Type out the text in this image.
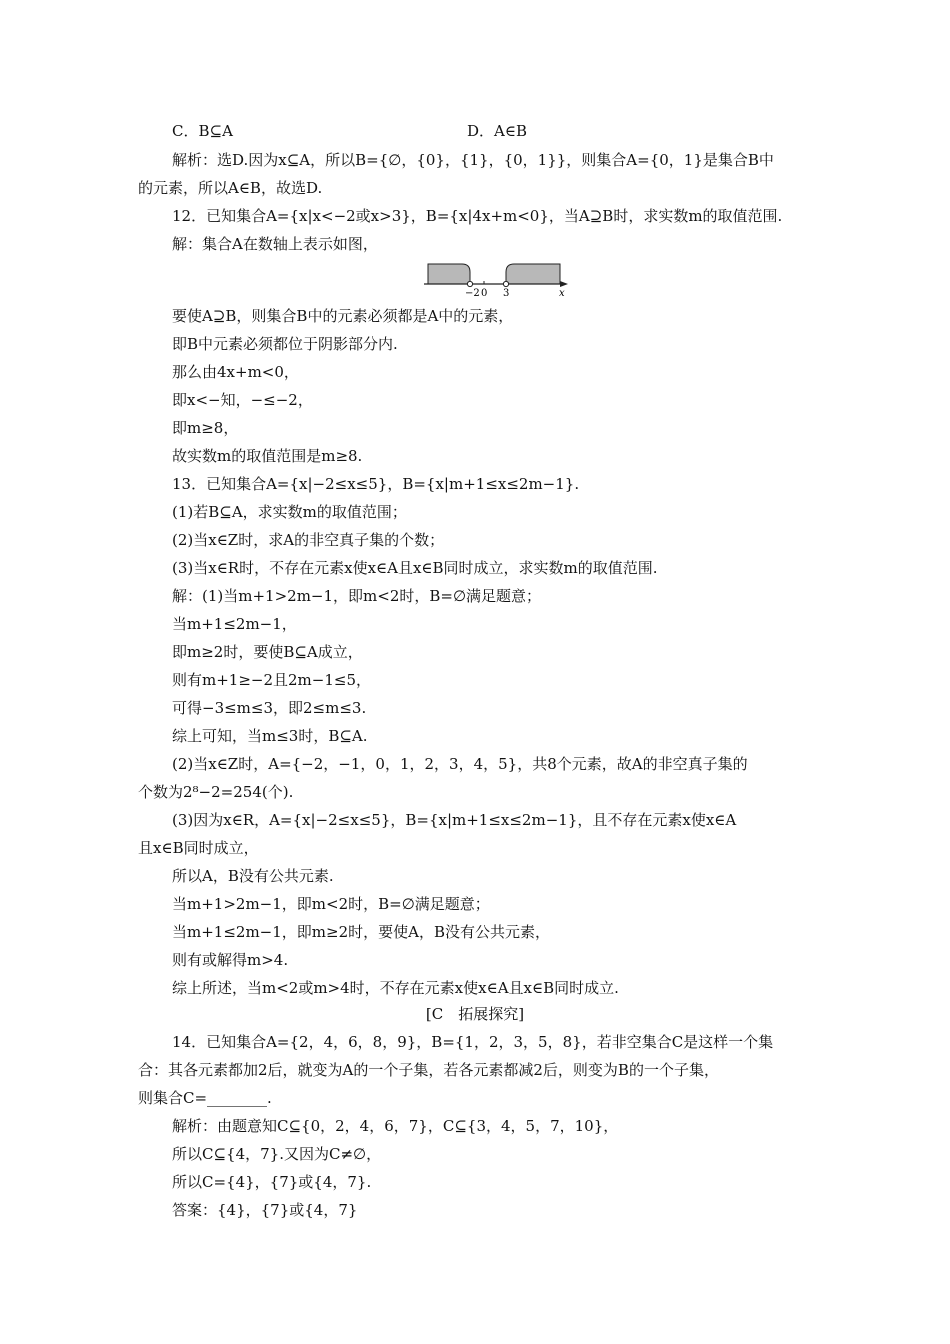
C．B⊆A	D．A∈B
解析：选D.因为x⊆A，所以B={∅，{0}，{1}，{0，1}}，则集合A={0，1}是集合B中
的元素，所以A∈B，故选D.
12．已知集合A={x|x<−2或x>3}，B={x|4x+m<0}，当A⊇B时，求实数m的取值范围.
解：集合A在数轴上表示如图，
−2 0 3	x
要使A⊇B，则集合B中的元素必须都是A中的元素，
即B中元素必须都位于阴影部分内.
那么由4x+m<0，
即x<−知，−≤−2，
即m≥8，
故实数m的取值范围是m≥8.
13．已知集合A={x|−2≤x≤5}，B={x|m+1≤x≤2m−1}.
(1)若B⊆A，求实数m的取值范围；
(2)当x∈Z时，求A的非空真子集的个数；
(3)当x∈R时，不存在元素x使x∈A且x∈B同时成立，求实数m的取值范围.
解：(1)当m+1>2m−1，即m<2时，B=∅满足题意；
当m+1≤2m−1，
即m≥2时，要使B⊆A成立，
则有m+1≥−2且2m−1≤5，
可得−3≤m≤3，即2≤m≤3.
综上可知，当m≤3时，B⊆A.
(2)当x∈Z时，A={−2，−1，0，1，2，3，4，5}，共8个元素，故A的非空真子集的
个数为2⁸−2=254(个).
(3)因为x∈R，A={x|−2≤x≤5}，B={x|m+1≤x≤2m−1}，且不存在元素x使x∈A
且x∈B同时成立，
所以A，B没有公共元素.
当m+1>2m−1，即m<2时，B=∅满足题意；
当m+1≤2m−1，即m≥2时，要使A，B没有公共元素，
则有或解得m>4.
综上所述，当m<2或m>4时，不存在元素x使x∈A且x∈B同时成立.
[C　拓展探究]
14．已知集合A={2，4，6，8，9}，B={1，2，3，5，8}，若非空集合C是这样一个集
合：其各元素都加2后，就变为A的一个子集，若各元素都减2后，则变为B的一个子集，
则集合C=________.
解析：由题意知C⊆{0，2，4，6，7}，C⊆{3，4，5，7，10}，
所以C⊆{4，7}.又因为C≠∅，
所以C={4}，{7}或{4，7}.
答案：{4}，{7}或{4，7}
